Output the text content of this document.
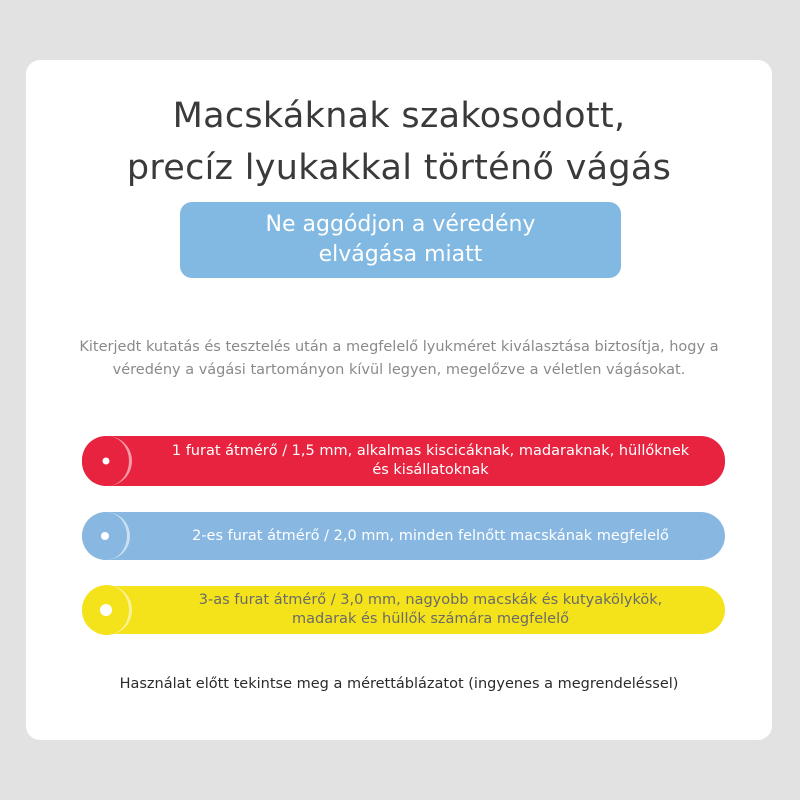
Macskáknak szakosodott,
precíz lyukakkal történő vágás
Ne aggódjon a véredény
elvágása miatt
Kiterjedt kutatás és tesztelés után a megfelelő lyukméret kiválasztása biztosítja, hogy a
véredény a vágási tartományon kívül legyen, megelőzve a véletlen vágásokat.
1 furat átmérő / 1,5 mm, alkalmas kiscicáknak, madaraknak, hüllőknek
és kisállatoknak
2-es furat átmérő / 2,0 mm, minden felnőtt macskának megfelelő
3-as furat átmérő / 3,0 mm, nagyobb macskák és kutyakölykök,
madarak és hüllők számára megfelelő
Használat előtt tekintse meg a mérettáblázatot (ingyenes a megrendeléssel)
